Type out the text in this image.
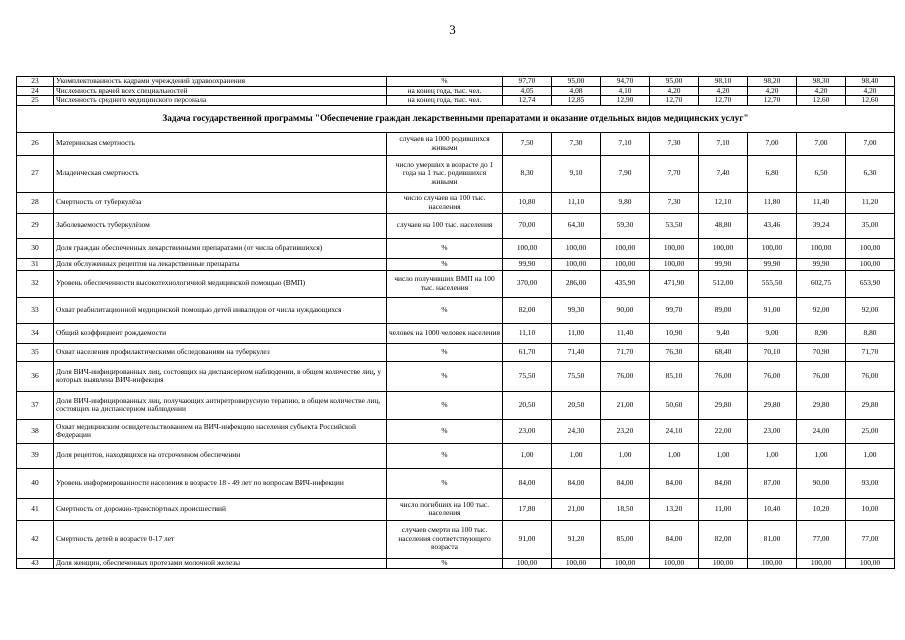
3
23	Укомплектованность кадрами учреждений здравоохранения	%	97,70	95,00	94,70	95,00	98,10	98,20	98,30	98,40
24	Численность врачей всех специальностей	на конец года, тыс. чел.	4,05	4,08	4,10	4,20	4,20	4,20	4,20	4,20
25	Численность среднего медицинского персонала	на конец года, тыс. чел.	12,74	12,85	12,90	12,70	12,70	12,70	12,60	12,60
Задача государственной программы "Обеспечение граждан лекарственными препаратами и оказание отдельных видов медицинских услуг"										
26	Материнская смертность	случаев на 1000 родившихся живыми	7,50	7,30	7,10	7,30	7,10	7,00	7,00	7,00
27	Младенческая смертность	число умерших в возрасте до 1 года на 1 тыс. родившихся живыми	8,30	9,10	7,90	7,70	7,40	6,80	6,50	6,30
28	Смертность от туберкулёза	число случаев на 100 тыс. населения	10,80	11,10	9,80	7,30	12,10	11,80	11,40	11,20
29	Заболеваемость туберкулёзом	случаев на 100 тыс. населения	70,00	64,30	59,30	53,50	48,80	43,46	39,24	35,00
30	Доля граждан обеспеченных лекарственными препаратами (от числа обратившихся)	%	100,00	100,00	100,00	100,00	100,00	100,00	100,00	100,00
31	Доля обслуженных рецептов на лекарственные препараты	%	99,90	100,00	100,00	100,00	99,90	99,90	99,90	100,00
32	Уровень обеспеченности высокотехнологичной медицинской помощью (ВМП)	число получивших ВМП на 100 тыс. населения	370,00	286,00	435,90	471,90	512,00	555,50	602,75	653,90
33	Охват реабилитационной медицинской помощью детей инвалидов от числа нуждающихся	%	82,00	99,30	90,00	99,70	89,00	91,00	92,00	92,00
34	Общий коэффициент рождаемости	человек на 1000 человек населения	11,10	11,00	11,40	10,90	9,40	9,00	8,90	8,80
35	Охват населения профилактическими обследованиям на туберкулез	%	61,70	71,40	71,70	76,30	68,40	70,10	70,90	71,70
36	Доля ВИЧ-инфицированных лиц, состоящих на диспансерном наблюдении, в общем количестве лиц, у которых выявлена ВИЧ-инфекция	%	75,50	75,50	76,00	85,10	76,00	76,00	76,00	76,00
37	Доля ВИЧ-инфицированных лиц, получающих антиретровирусную терапию, в общем количестве лиц, состоящих на диспансерном наблюдении	%	20,50	20,50	21,00	50,60	29,80	29,80	29,80	29,80
38	Охват медицинским освидетельствованием на ВИЧ-инфекцию населения субъекта Российской Федерации	%	23,00	24,30	23,20	24,10	22,00	23,00	24,00	25,00
39	Доля рецептов, находящихся на отсроченном обеспечении	%	1,00	1,00	1,00	1,00	1,00	1,00	1,00	1,00
40	Уровень информированности населения в возрасте 18 - 49 лет по вопросам ВИЧ-инфекции	%	84,00	84,00	84,00	84,00	84,00	87,00	90,00	93,00
41	Смертность от дорожно-транспортных происшествий	число погибших на 100 тыс. населения	17,80	21,00	18,50	13,20	11,00	10,40	10,20	10,00
42	Смертность детей в возрасте 0-17 лет	случаев смерти на 100 тыс. населения соответствующего возраста	91,00	91,20	85,00	84,00	82,00	81,00	77,00	77,00
43	Доля женщин, обеспеченных протезами молочной железы	%	100,00	100,00	100,00	100,00	100,00	100,00	100,00	100,00
